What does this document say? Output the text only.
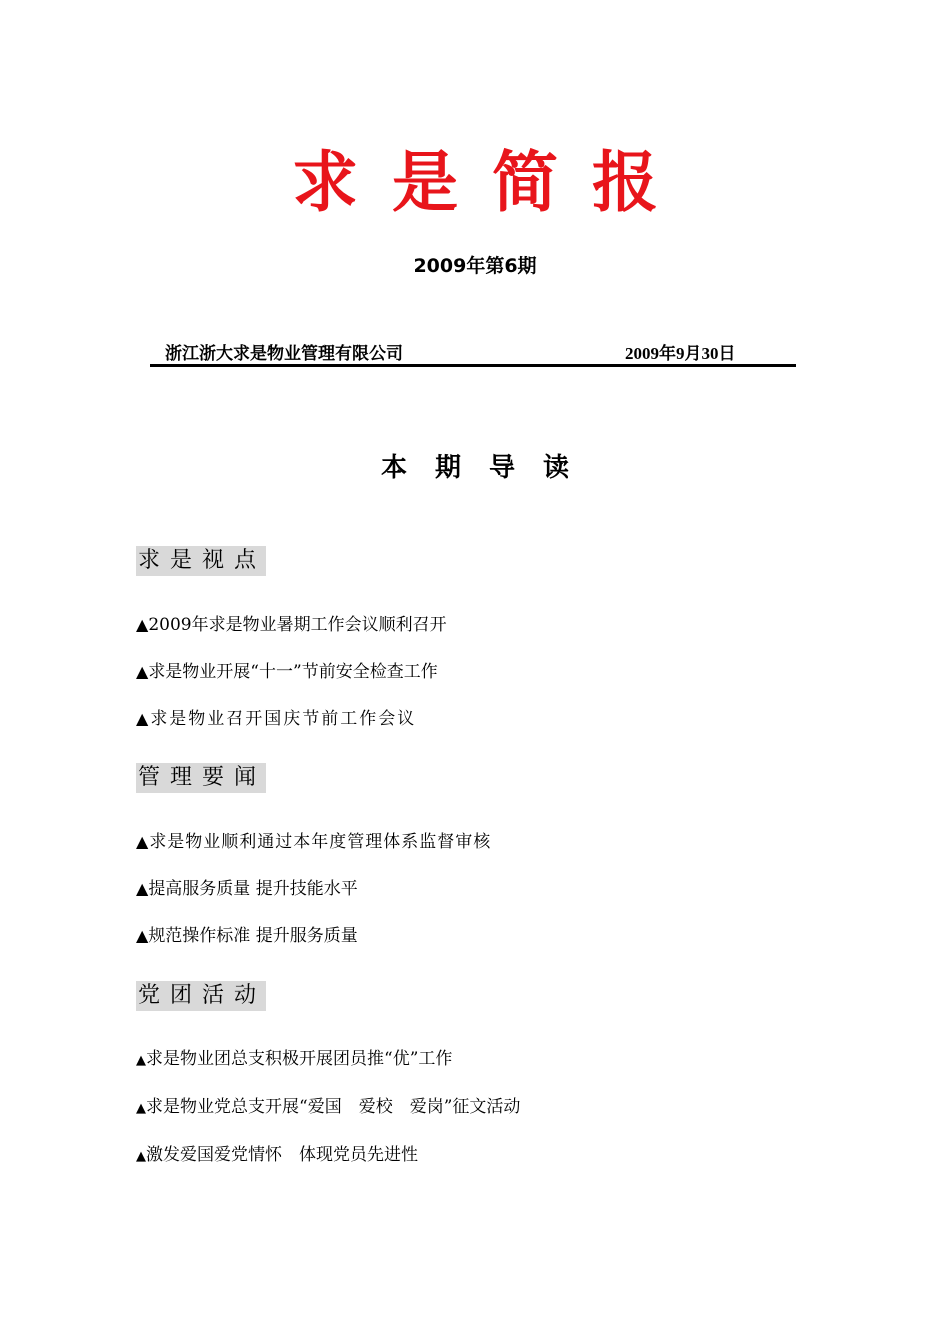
求是简报
2009年第6期
浙江浙大求是物业管理有限公司	2009年9月30日
本期导读
求是视点
▲2009年求是物业暑期工作会议顺利召开
▲求是物业开展“十一”节前安全检查工作
▲求是物业召开国庆节前工作会议
管理要闻
▲求是物业顺利通过本年度管理体系监督审核
▲提高服务质量 提升技能水平
▲规范操作标准 提升服务质量
党团活动
▲求是物业团总支积极开展团员推“优”工作
▲求是物业党总支开展“爱国　爱校　爱岗”征文活动
▲激发爱国爱党情怀　体现党员先进性
